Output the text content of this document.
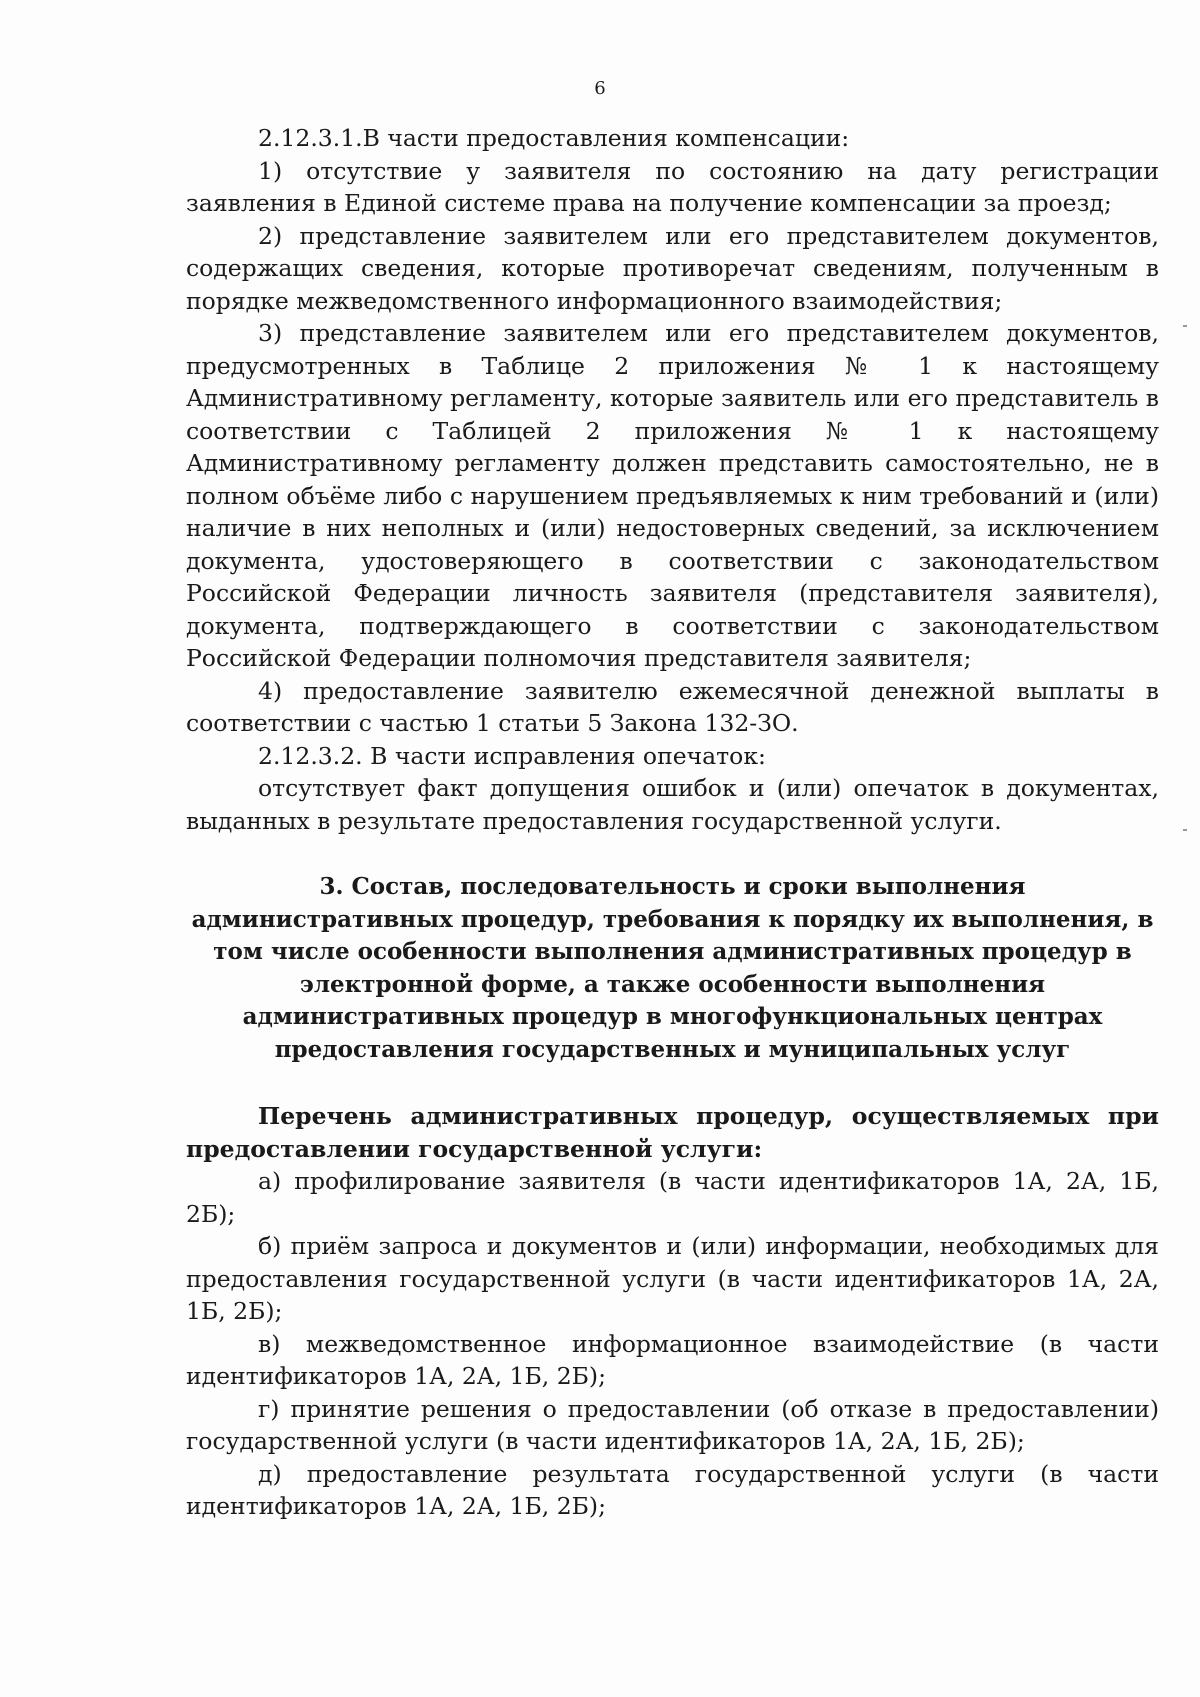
6

2.12.3.1.В части предоставления компенсации:

1) отсутствие у заявителя по состоянию на дату регистрации заявления в Единой системе права на получение компенсации за проезд;

2) представление заявителем или его представителем документов, содержащих сведения, которые противоречат сведениям, полученным в порядке межведомственного информационного взаимодействия;

3) представление заявителем или его представителем документов, предусмотренных в Таблице 2 приложения № 1 к настоящему Административному регламенту, которые заявитель или его представитель в соответствии с Таблицей 2 приложения № 1 к настоящему Административному регламенту должен представить самостоятельно, не в полном объёме либо с нарушением предъявляемых к ним требований и (или) наличие в них неполных и (или) недостоверных сведений, за исключением документа, удостоверяющего в соответствии с законодательством Российской Федерации личность заявителя (представителя заявителя), документа, подтверждающего в соответствии с законодательством Российской Федерации полномочия представителя заявителя;

4) предоставление заявителю ежемесячной денежной выплаты в соответствии с частью 1 статьи 5 Закона 132-ЗО.

2.12.3.2. В части исправления опечаток:

отсутствует факт допущения ошибок и (или) опечаток в документах, выданных в результате предоставления государственной услуги.

3. Состав, последовательность и сроки выполнения административных процедур, требования к порядку их выполнения, в том числе особенности выполнения административных процедур в электронной форме, а также особенности выполнения административных процедур в многофункциональных центрах предоставления государственных и муниципальных услуг

Перечень административных процедур, осуществляемых при предоставлении государственной услуги:

а) профилирование заявителя (в части идентификаторов 1А, 2А, 1Б, 2Б);

б) приём запроса и документов и (или) информации, необходимых для предоставления государственной услуги (в части идентификаторов 1А, 2А, 1Б, 2Б);

в) межведомственное информационное взаимодействие (в части идентификаторов 1А, 2А, 1Б, 2Б);

г) принятие решения о предоставлении (об отказе в предоставлении) государственной услуги (в части идентификаторов 1А, 2А, 1Б, 2Б);

д) предоставление результата государственной услуги (в части идентификаторов 1А, 2А, 1Б, 2Б);
